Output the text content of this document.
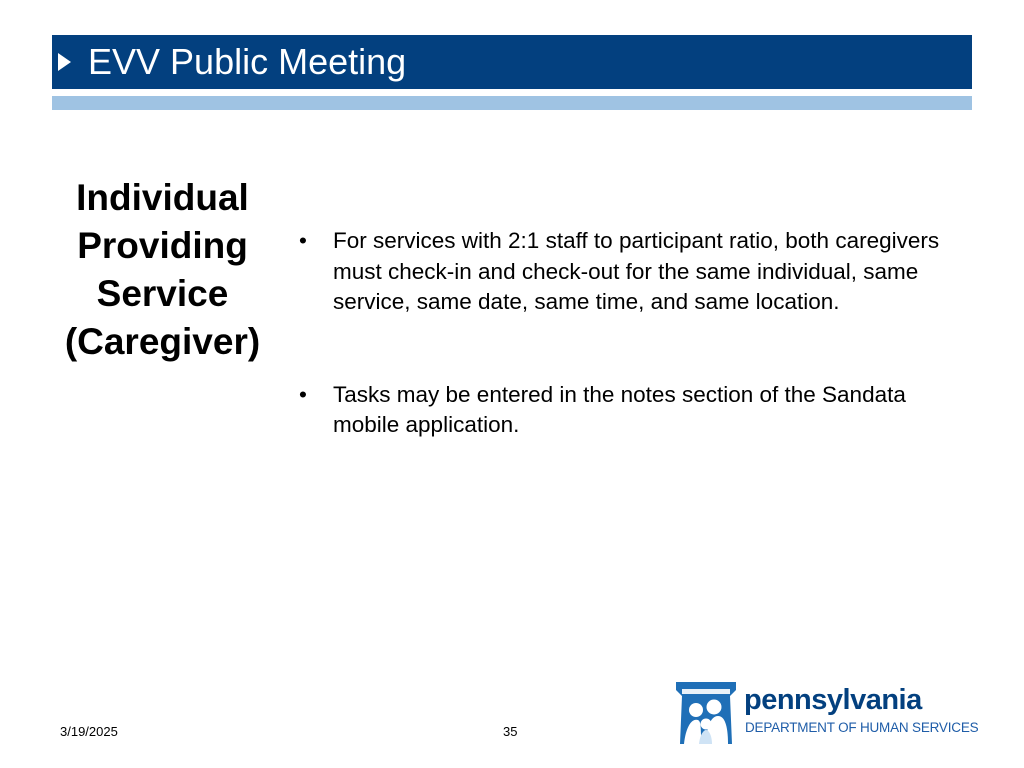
EVV Public Meeting
Individual
Providing
Service
(Caregiver)
• For services with 2:1 staff to participant ratio, both caregivers must check-in and check-out for the same individual, same service, same date, same time, and same location.
• Tasks may be entered in the notes section of the Sandata mobile application.
3/19/2025	35
pennsylvania
DEPARTMENT OF HUMAN SERVICES
